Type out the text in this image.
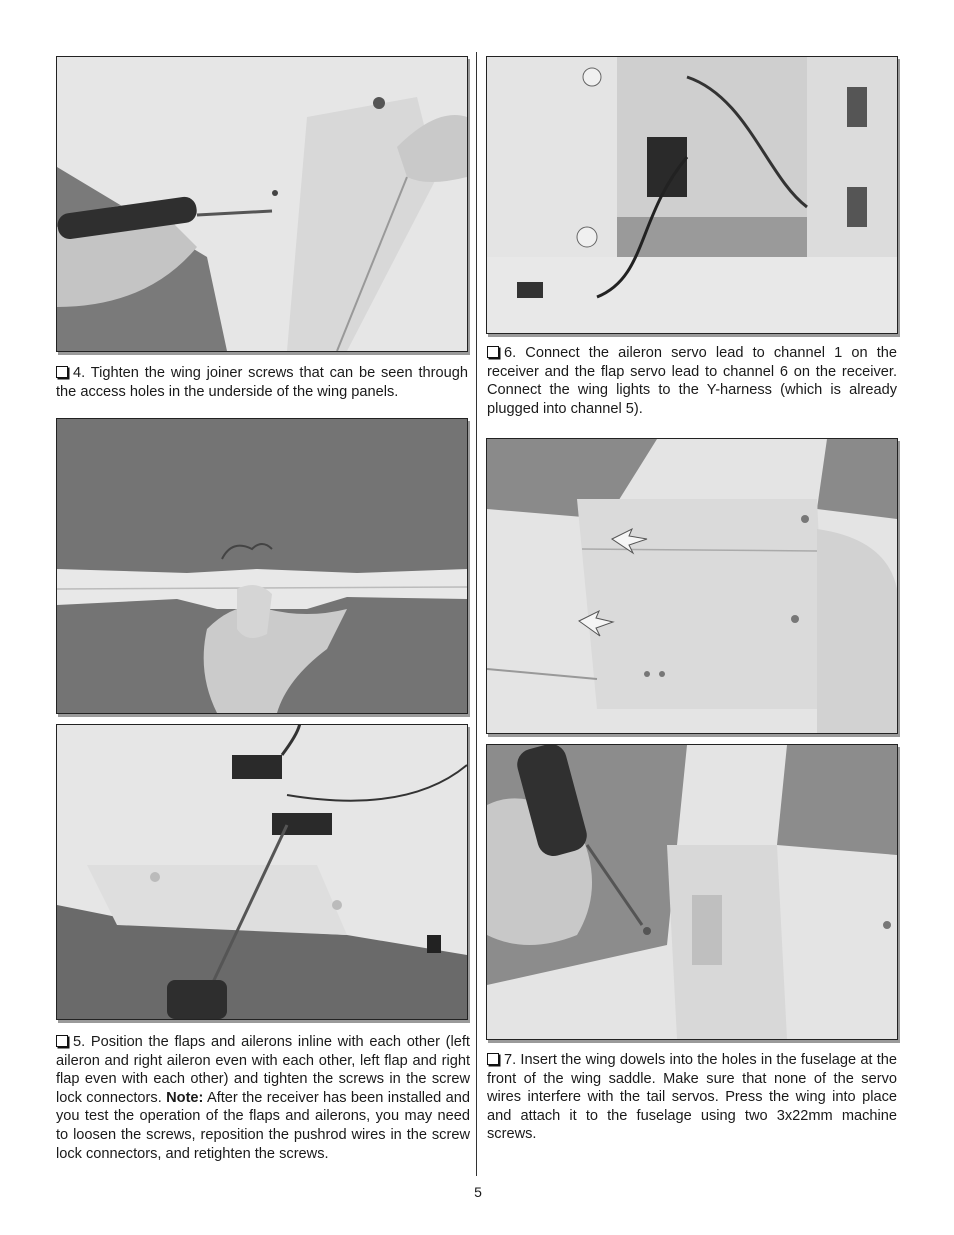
4. Tighten the wing joiner screws that can be seen through the access holes in the underside of the wing panels.

6. Connect the aileron servo lead to channel 1 on the receiver and the flap servo lead to channel 6 on the receiver. Connect the wing lights to the Y-harness (which is already plugged into channel 5).

5. Position the flaps and ailerons inline with each other (left aileron and right aileron even with each other, left flap and right flap even with each other) and tighten the screws in the screw lock connectors. Note: After the receiver has been installed and you test the operation of the flaps and ailerons, you may need to loosen the screws, reposition the pushrod wires in the screw lock connectors, and retighten the screws.

7. Insert the wing dowels into the holes in the fuselage at the front of the wing saddle. Make sure that none of the servo wires interfere with the tail servos. Press the wing into place and attach it to the fuselage using two 3x22mm machine screws.

5
